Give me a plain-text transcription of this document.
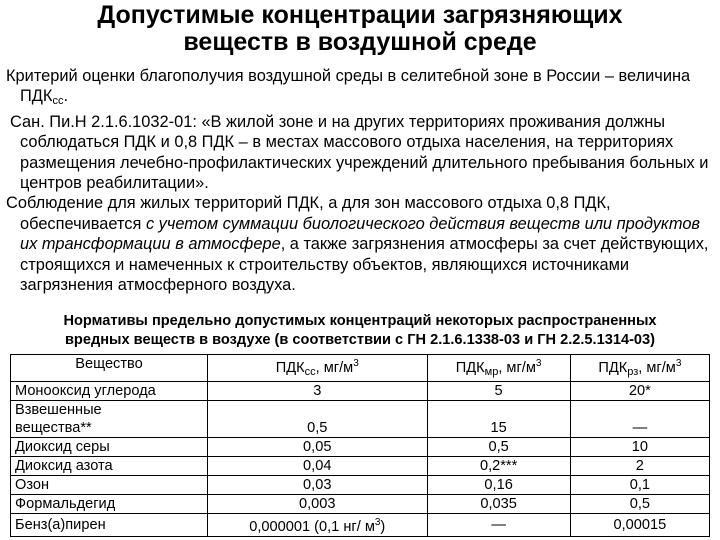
Допустимые концентрации загрязняющих
веществ в воздушной среде

Критерий оценки благополучия воздушной среды в селитебной зоне в России – величина $ПДК_{сс}$.

Сан. Пи.Н 2.1.6.1032-01: «В жилой зоне и на других территориях проживания должны соблюдаться ПДК и 0,8 ПДК – в местах массового отдыха населения, на территориях размещения лечебно-профилактических учреждений длительного пребывания больных и центров реабилитации».

Соблюдение для жилых территорий ПДК, а для зон массового отдыха 0,8 ПДК, обеспечивается с учетом суммации биологического действия веществ или продуктов их трансформации в атмосфере, а также загрязнения атмосферы за счет действующих, строящихся и намеченных к строительству объектов, являющихся источниками загрязнения атмосферного воздуха.

Нормативы предельно допустимых концентраций некоторых распространенных
вредных веществ в воздухе (в соответствии с ГН 2.1.6.1338-03 и ГН 2.2.5.1314-03)
Вещество	$ПДК_{сс}$, $мг/м^3$	$ПДК_{мр}$, $мг/м^3$	$ПДК_{рз}$, $мг/м^3$
Монооксид углерода	3	5	20*

Взвешенные
вещества**	0,5	15	—
Диоксид серы	0,05	0,5	10
Диоксид азота	0,04	0,2***	2
Озон	0,03	0,16	0,1
Формальдегид	0,003	0,035	0,5
Бенз(а)пирен	0,000001 (0,1 нг/ $м^3$)	—	0,00015
